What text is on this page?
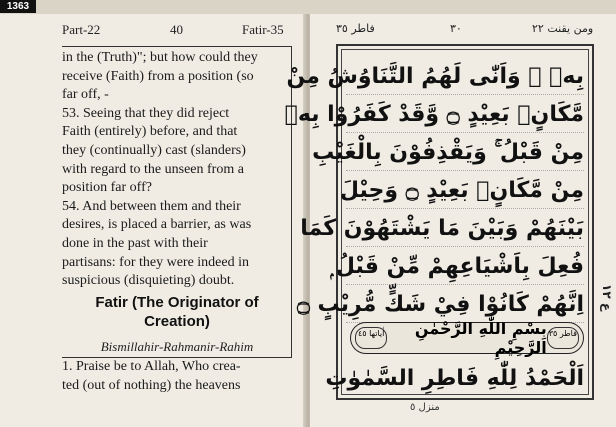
1363
Part-22	40	Fatir-35
in the (Truth)"; but how could they
receive (Faith) from a position (so
far off, -
53. Seeing that they did reject
Faith (entirely) before, and that
they (continually) cast (slanders)
with regard to the unseen from a
position far off?
54. And between them and their
desires, is placed a barrier, as was
done in the past with their
partisans: for they were indeed in
suspicious (disquieting) doubt.
Fatir (The Originator of Creation)
Bismillahir-Rahmanir-Rahim
1. Praise be to Allah, Who crea-
ted (out of nothing) the heavens
فاطر ٣٥	٣٠	ومن يقنت ٢٢
بِهٖ ۚ وَاَنّٰى لَهُمُ التَّنَاوُشُ مِنْ
مَّكَانٍۢ بَعِيْدٍ ۝ وَّقَدْ كَفَرُوْا بِهٖ
مِنْ قَبْلُ ۚ وَيَقْذِفُوْنَ بِالْغَيْبِ
مِنْ مَّكَانٍۢ بَعِيْدٍ ۝ وَحِيْلَ
بَيْنَهُمْ وَبَيْنَ مَا يَشْتَهُوْنَ كَمَا
فُعِلَ بِاَشْيَاعِهِمْ مِّنْ قَبْلُ ۭ
اِنَّهُمْ كَانُوْا فِيْ شَكٍّ مُّرِيْبٍ ۝
اٰياتها ٤٥	بِسْمِ اللّٰهِ الرَّحْمٰنِ الرَّحِيْمِ
فاطر ٣٥
اَلْحَمْدُ لِلّٰهِ فَاطِرِ السَّمٰوٰتِ
ع ١٢
منزل ٥
